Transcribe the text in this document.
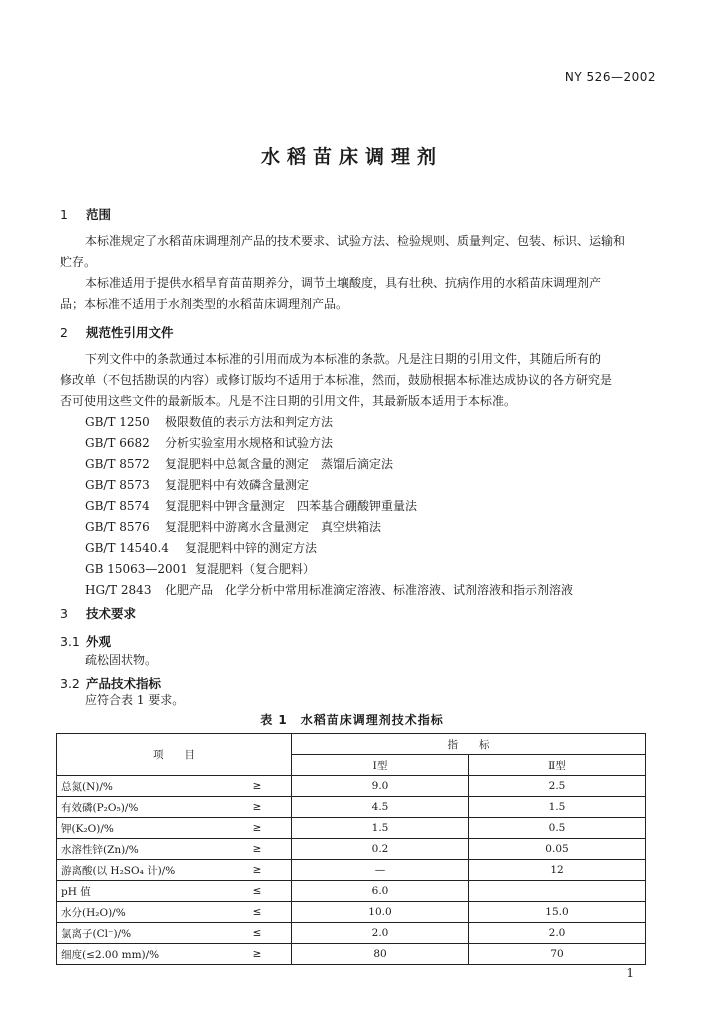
NY 526—2002
水稻苗床调理剂
1 范围
本标准规定了水稻苗床调理剂产品的技术要求、试验方法、检验规则、质量判定、包装、标识、运输和
贮存。
本标准适用于提供水稻旱育苗苗期养分，调节土壤酸度，具有壮秧、抗病作用的水稻苗床调理剂产
品；本标准不适用于水剂类型的水稻苗床调理剂产品。
2 规范性引用文件
下列文件中的条款通过本标准的引用而成为本标准的条款。凡是注日期的引用文件，其随后所有的
修改单（不包括勘误的内容）或修订版均不适用于本标准，然而，鼓励根据本标准达成协议的各方研究是
否可使用这些文件的最新版本。凡是不注日期的引用文件，其最新版本适用于本标准。
GB/T 1250 极限数值的表示方法和判定方法
GB/T 6682 分析实验室用水规格和试验方法
GB/T 8572 复混肥料中总氮含量的测定　蒸馏后滴定法
GB/T 8573 复混肥料中有效磷含量测定
GB/T 8574 复混肥料中钾含量测定　四苯基合硼酸钾重量法
GB/T 8576 复混肥料中游离水含量测定　真空烘箱法
GB/T 14540.4 复混肥料中锌的测定方法
GB 15063—2001 复混肥料（复合肥料）
HG/T 2843 化肥产品　化学分析中常用标准滴定溶液、标准溶液、试剂溶液和指示剂溶液
3 技术要求
3.1 外观
疏松固状物。
3.2 产品技术指标
应符合表 1 要求。
表 1　水稻苗床调理剂技术指标
项　　目		指　　标	
		Ⅰ型	Ⅱ型
总氮(N)/%	≥	9.0	2.5
有效磷(P₂O₅)/%	≥	4.5	1.5
钾(K₂O)/%	≥	1.5	0.5
水溶性锌(Zn)/%	≥	0.2	0.05
游离酸(以 H₂SO₄ 计)/%	≥	—	12
pH 值	≤	6.0	
水分(H₂O)/%	≤	10.0	15.0
氯离子(Cl⁻)/%	≤	2.0	2.0
细度(≤2.00 mm)/%	≥	80	70
1
